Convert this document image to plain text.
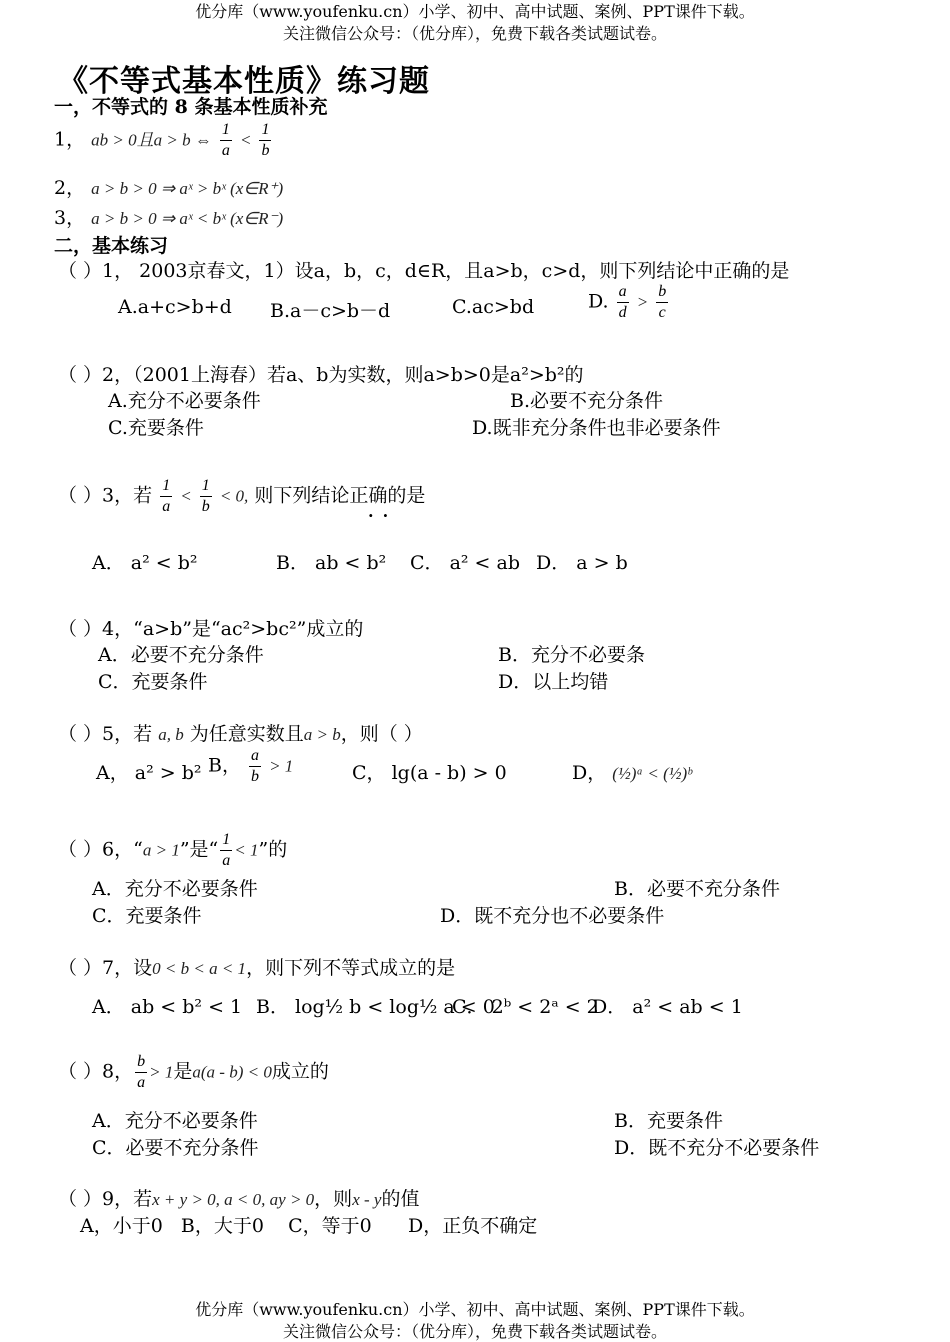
优分库（www.youfenku.cn）小学、初中、高中试题、案例、PPT课件下载。
关注微信公众号：（优分库），免费下载各类试题试卷。
《不等式基本性质》练习题
一，不等式的 8 条基本性质补充
1， ab > 0且a > b ⇔ $\frac{1}{a} < \frac{1}{b}$
2， a > b > 0 ⇒ aˣ > bˣ (x∈R⁺)
3， a > b > 0 ⇒ aˣ < bˣ (x∈R⁻)
二，基本练习
（ ）1， 2003京春文，1）设a，b，c，d∈R，且a>b，c>d，则下列结论中正确的是
A.a+c>b+d B.a－c>b－d	C.ac>bd	D. $\frac{a}{d} > \frac{b}{c}$
（ ）2，（2001上海春）若a、b为实数，则a>b>0是a²>b²的
A.充分不必要条件	B.必要不充分条件
C.充要条件	D.既非充分条件也非必要条件
（ ）3，若 $\frac{1}{a} < \frac{1}{b} < 0$, 则下列结论正确的是
··
A． a² < b²	B． ab < b² C． a² < ab D． a > b
（ ）4，“a>b”是“ac²>bc²”成立的
A．必要不充分条件	B．充分不必要条
C．充要条件	D．以上均错
（ ）5，若 a, b 为任意实数且a > b，则（ ）
A， a² > b² B， $\frac{a}{b} > 1$	C， lg(a - b) > 0	D， (½)ᵃ < (½)ᵇ
（ ）6，“a > 1”是“ $\frac{1}{a} < 1$”的
A．充分不必要条件	B．必要不充分条件
C．充要条件	D．既不充分也不必要条件
（ ）7，设0 < b < a < 1，则下列不等式成立的是
A． ab < b² < 1 B． log½ b < log½ a < 0
C． 2ᵇ < 2ᵃ < 2
D． a² < ab < 1
（ ）8， $\frac{b}{a} > 1$是a(a - b) < 0成立的
A．充分不必要条件	B．充要条件
C．必要不充分条件	D．既不充分不必要条件
（ ）9，若x + y > 0, a < 0, ay > 0，则x - y的值
A，小于0   B，大于0    C，等于0      D，正负不确定
优分库（www.youfenku.cn）小学、初中、高中试题、案例、PPT课件下载。
关注微信公众号：（优分库），免费下载各类试题试卷。
